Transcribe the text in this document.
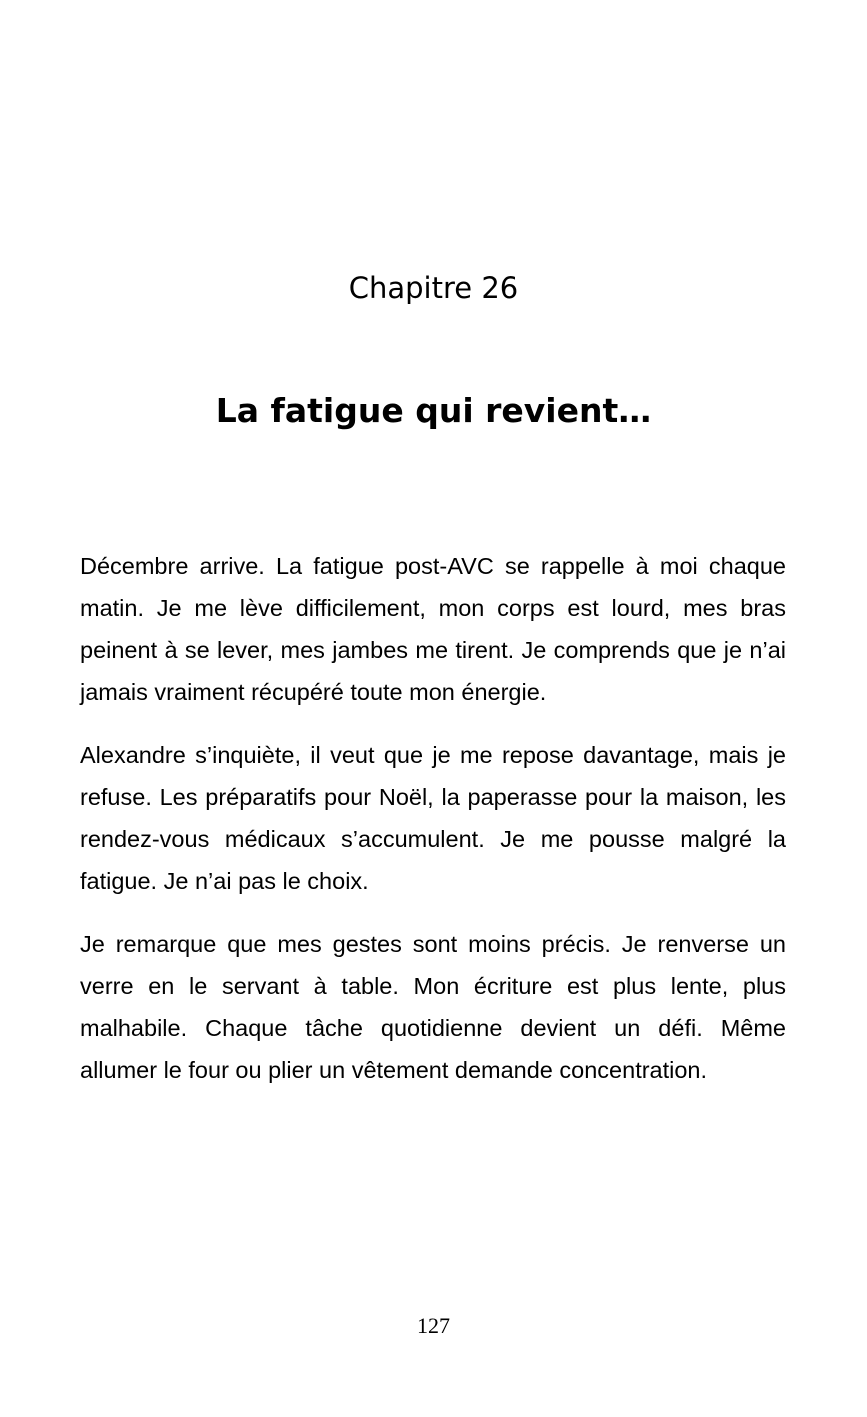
Chapitre 26
La fatigue qui revient…

Décembre arrive. La fatigue post-AVC se rappelle à moi chaque matin. Je me lève difficilement, mon corps est lourd, mes bras peinent à se lever, mes jambes me tirent. Je comprends que je n’ai jamais vraiment récupéré toute mon énergie.

Alexandre s’inquiète, il veut que je me repose davantage, mais je refuse. Les préparatifs pour Noël, la paperasse pour la maison, les rendez-vous médicaux s’accumulent. Je me pousse malgré la fatigue. Je n’ai pas le choix.

Je remarque que mes gestes sont moins précis. Je renverse un verre en le servant à table. Mon écriture est plus lente, plus malhabile. Chaque tâche quotidienne devient un défi. Même allumer le four ou plier un vêtement demande concentration.

127
